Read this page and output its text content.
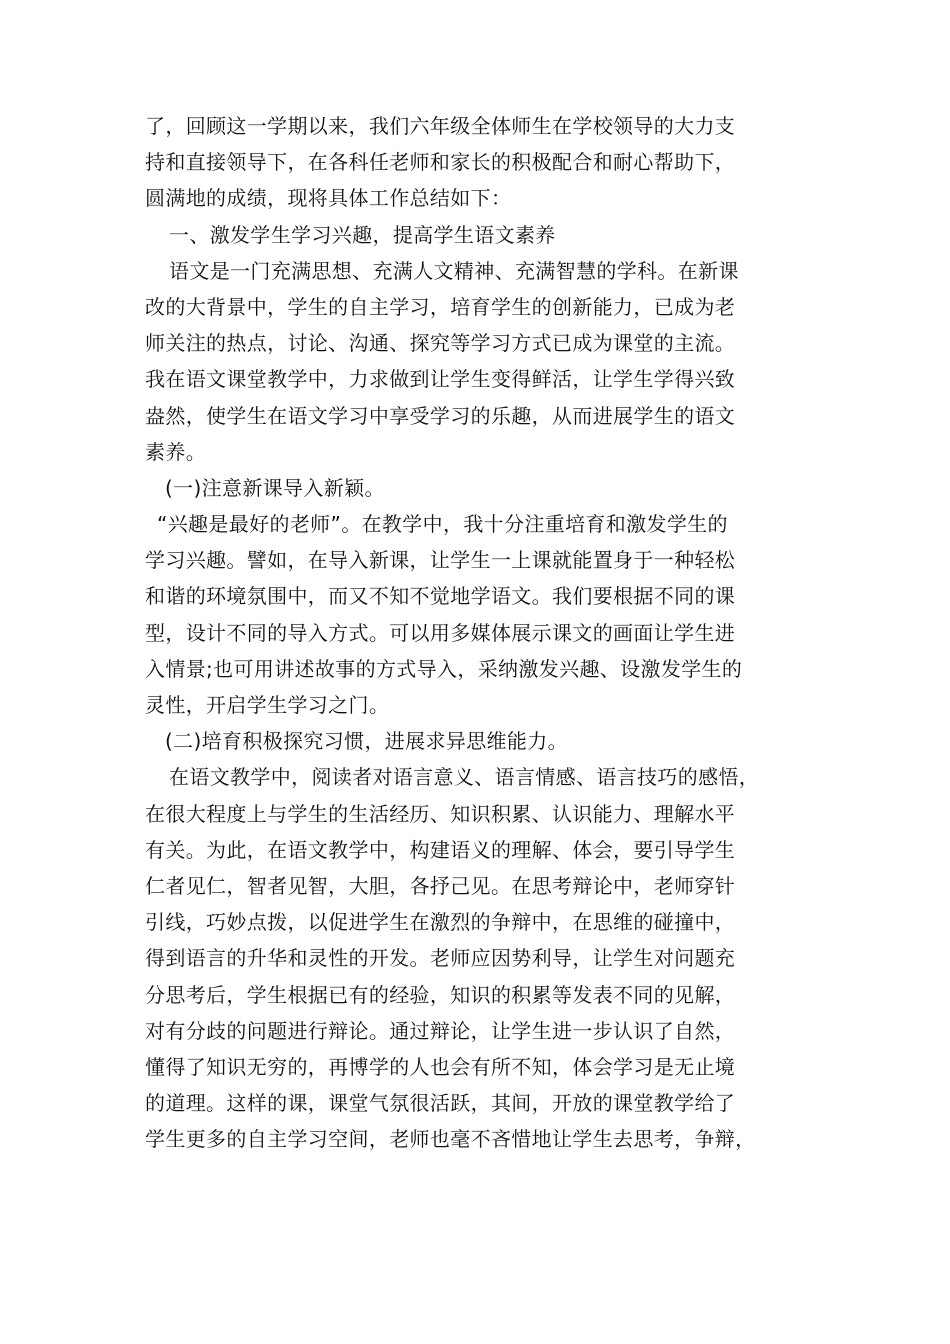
了，回顾这一学期以来，我们六年级全体师生在学校领导的大力支
持和直接领导下，在各科任老师和家长的积极配合和耐心帮助下，
圆满地的成绩，现将具体工作总结如下：
一、激发学生学习兴趣，提高学生语文素养
语文是一门充满思想、充满人文精神、充满智慧的学科。在新课
改的大背景中，学生的自主学习，培育学生的创新能力，已成为老
师关注的热点，讨论、沟通、探究等学习方式已成为课堂的主流。
我在语文课堂教学中，力求做到让学生变得鲜活，让学生学得兴致
盎然，使学生在语文学习中享受学习的乐趣，从而进展学生的语文
素养。
(一)注意新课导入新颖。
“兴趣是最好的老师”。在教学中，我十分注重培育和激发学生的
学习兴趣。譬如，在导入新课，让学生一上课就能置身于一种轻松
和谐的环境氛围中，而又不知不觉地学语文。我们要根据不同的课
型，设计不同的导入方式。可以用多媒体展示课文的画面让学生进
入情景;也可用讲述故事的方式导入，采纳激发兴趣、设激发学生的
灵性，开启学生学习之门。
(二)培育积极探究习惯，进展求异思维能力。
在语文教学中，阅读者对语言意义、语言情感、语言技巧的感悟，
在很大程度上与学生的生活经历、知识积累、认识能力、理解水平
有关。为此，在语文教学中，构建语义的理解、体会，要引导学生
仁者见仁，智者见智，大胆，各抒己见。在思考辩论中，老师穿针
引线，巧妙点拨，以促进学生在激烈的争辩中，在思维的碰撞中，
得到语言的升华和灵性的开发。老师应因势利导，让学生对问题充
分思考后，学生根据已有的经验，知识的积累等发表不同的见解，
对有分歧的问题进行辩论。通过辩论，让学生进一步认识了自然，
懂得了知识无穷的，再博学的人也会有所不知，体会学习是无止境
的道理。这样的课，课堂气氛很活跃，其间，开放的课堂教学给了
学生更多的自主学习空间，老师也毫不吝惜地让学生去思考，争辩，
